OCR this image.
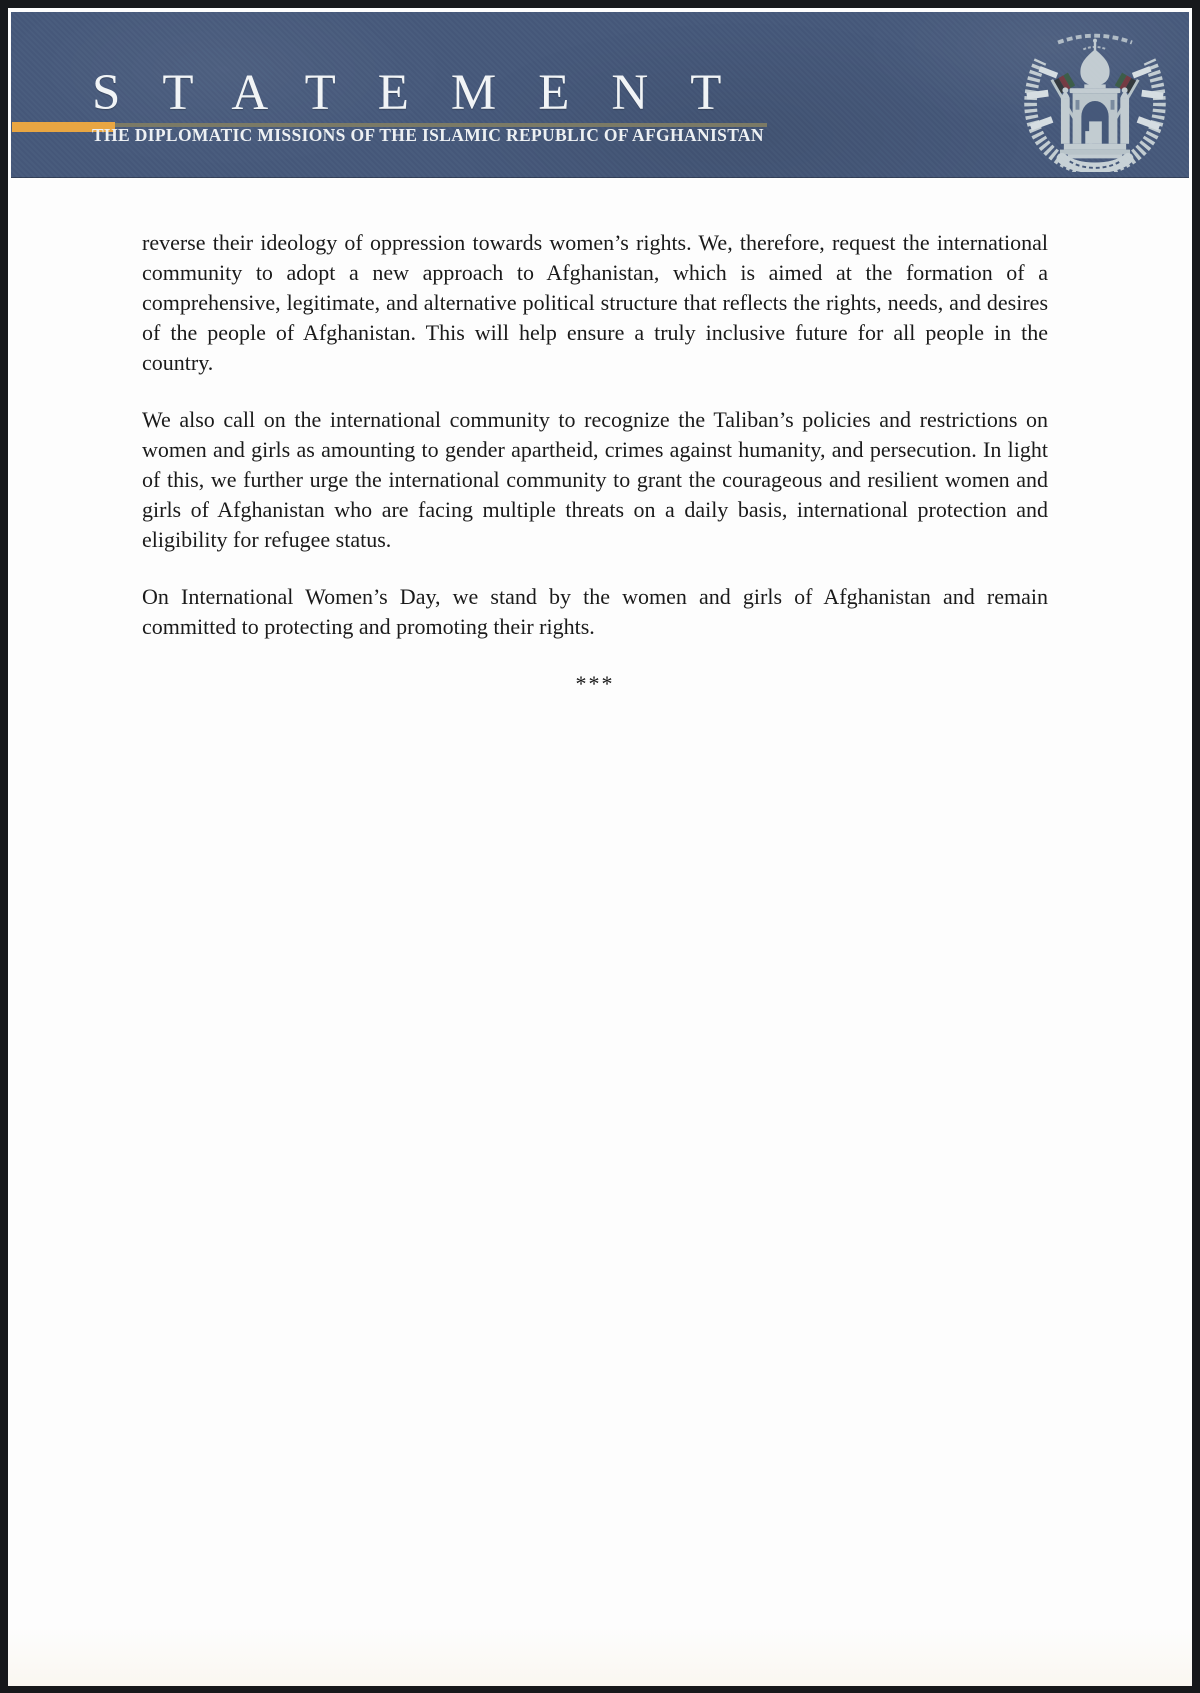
STATEMENT
THE DIPLOMATIC MISSIONS OF THE ISLAMIC REPUBLIC OF AFGHANISTAN

reverse their ideology of oppression towards women’s rights. We, therefore, request the international community to adopt a new approach to Afghanistan, which is aimed at the formation of a comprehensive, legitimate, and alternative political structure that reflects the rights, needs, and desires of the people of Afghanistan. This will help ensure a truly inclusive future for all people in the country.

We also call on the international community to recognize the Taliban’s policies and restrictions on women and girls as amounting to gender apartheid, crimes against humanity, and persecution. In light of this, we further urge the international community to grant the courageous and resilient women and girls of Afghanistan who are facing multiple threats on a daily basis, international protection and eligibility for refugee status.

On International Women’s Day, we stand by the women and girls of Afghanistan and remain committed to protecting and promoting their rights.

***
